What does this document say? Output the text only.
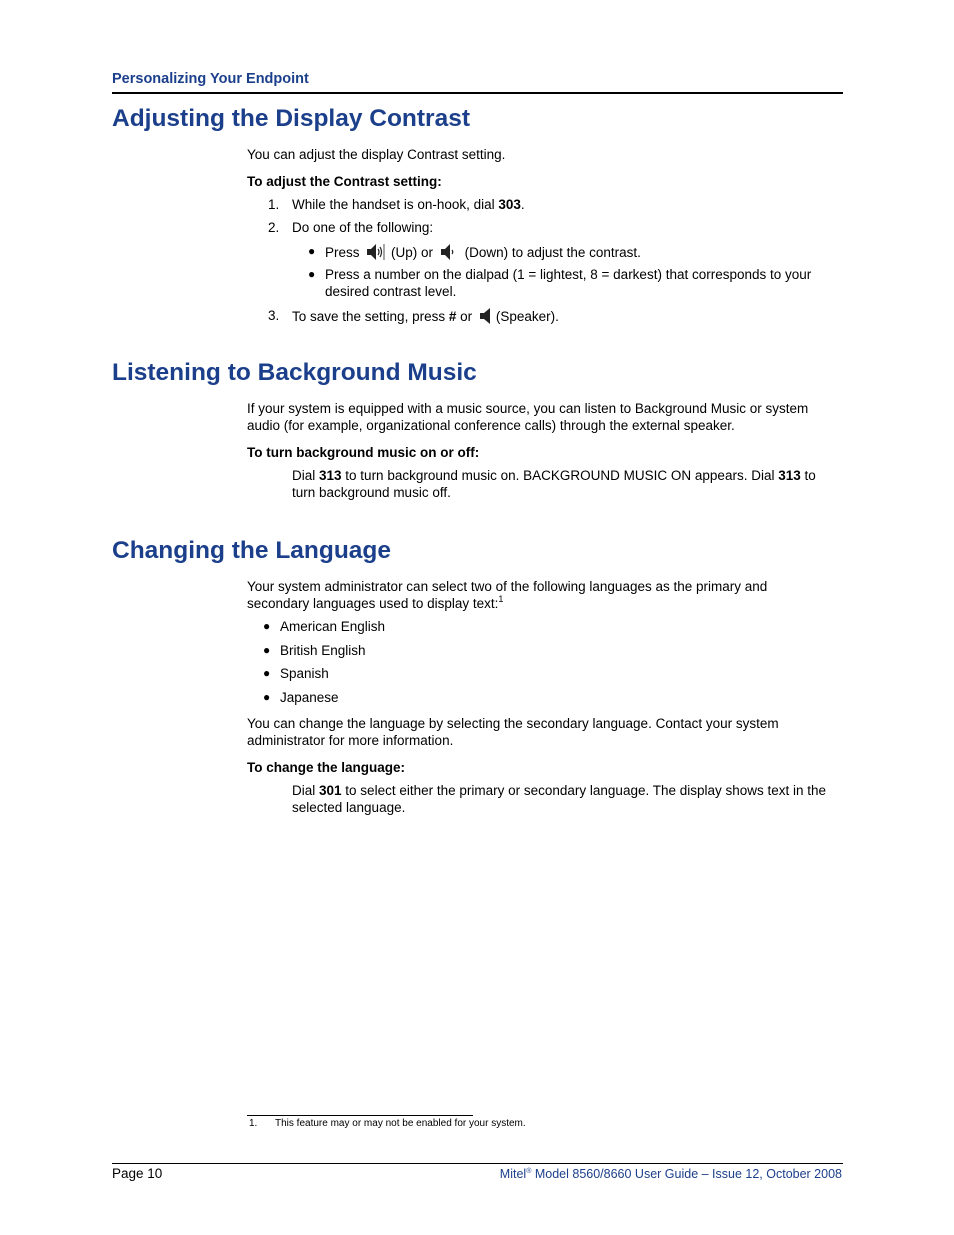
Personalizing Your Endpoint
Adjusting the Display Contrast
You can adjust the display Contrast setting.
To adjust the Contrast setting:
1. While the handset is on-hook, dial 303.
2. Do one of the following:
● Press (Up) or (Down) to adjust the contrast.
● Press a number on the dialpad (1 = lightest, 8 = darkest) that corresponds to your
desired contrast level.
3. To save the setting, press # or
(Speaker).
Listening to Background Music
If your system is equipped with a music source, you can listen to Background Music or system
audio (for example, organizational conference calls) through the external speaker.
To turn background music on or off:
Dial 313 to turn background music on. BACKGROUND MUSIC ON appears. Dial 313 to
turn background music off.
Changing the Language
Your system administrator can select two of the following languages as the primary and
secondary languages used to display text:$^1$
● American English
● British English
● Spanish
● Japanese
You can change the language by selecting the secondary language. Contact your system
administrator for more information.
To change the language:
Dial 301 to select either the primary or secondary language. The display shows text in the
selected language.
1. This feature may or may not be enabled for your system.
Page 10	Mitel® Model 8560/8660 User Guide – Issue 12, October 2008
